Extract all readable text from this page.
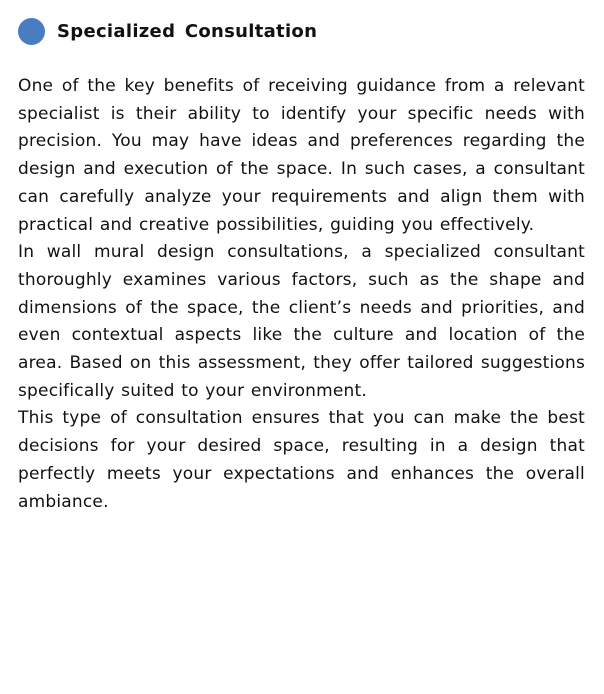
Specialized Consultation

One of the key benefits of receiving guidance from a relevant specialist is their ability to identify your specific needs with precision. You may have ideas and preferences regarding the design and execution of the space. In such cases, a consultant can carefully analyze your requirements and align them with practical and creative possibilities, guiding you effectively.

In wall mural design consultations, a specialized consultant thoroughly examines various factors, such as the shape and dimensions of the space, the client’s needs and priorities, and even contextual aspects like the culture and location of the area. Based on this assessment, they offer tailored suggestions specifically suited to your environment.

This type of consultation ensures that you can make the best decisions for your desired space, resulting in a design that perfectly meets your expectations and enhances the overall ambiance.
